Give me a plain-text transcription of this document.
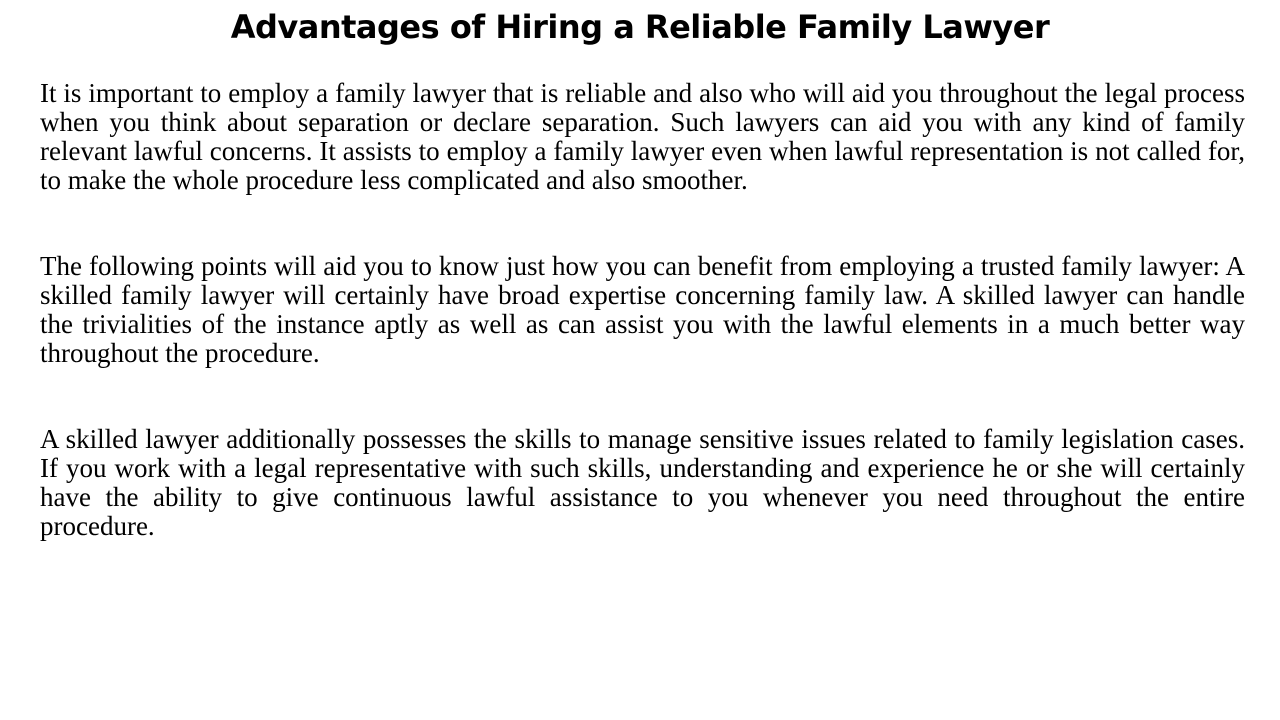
Advantages of Hiring a Reliable Family Lawyer

It is important to employ a family lawyer that is reliable and also who will aid you throughout the legal process when you think about separation or declare separation. Such lawyers can aid you with any kind of family relevant lawful concerns. It assists to employ a family lawyer even when lawful representation is not called for, to make the whole procedure less complicated and also smoother.

The following points will aid you to know just how you can benefit from employing a trusted family lawyer: A skilled family lawyer will certainly have broad expertise concerning family law. A skilled lawyer can handle the trivialities of the instance aptly as well as can assist you with the lawful elements in a much better way throughout the procedure.

A skilled lawyer additionally possesses the skills to manage sensitive issues related to family legislation cases. If you work with a legal representative with such skills, understanding and experience he or she will certainly have the ability to give continuous lawful assistance to you whenever you need throughout the entire procedure.
